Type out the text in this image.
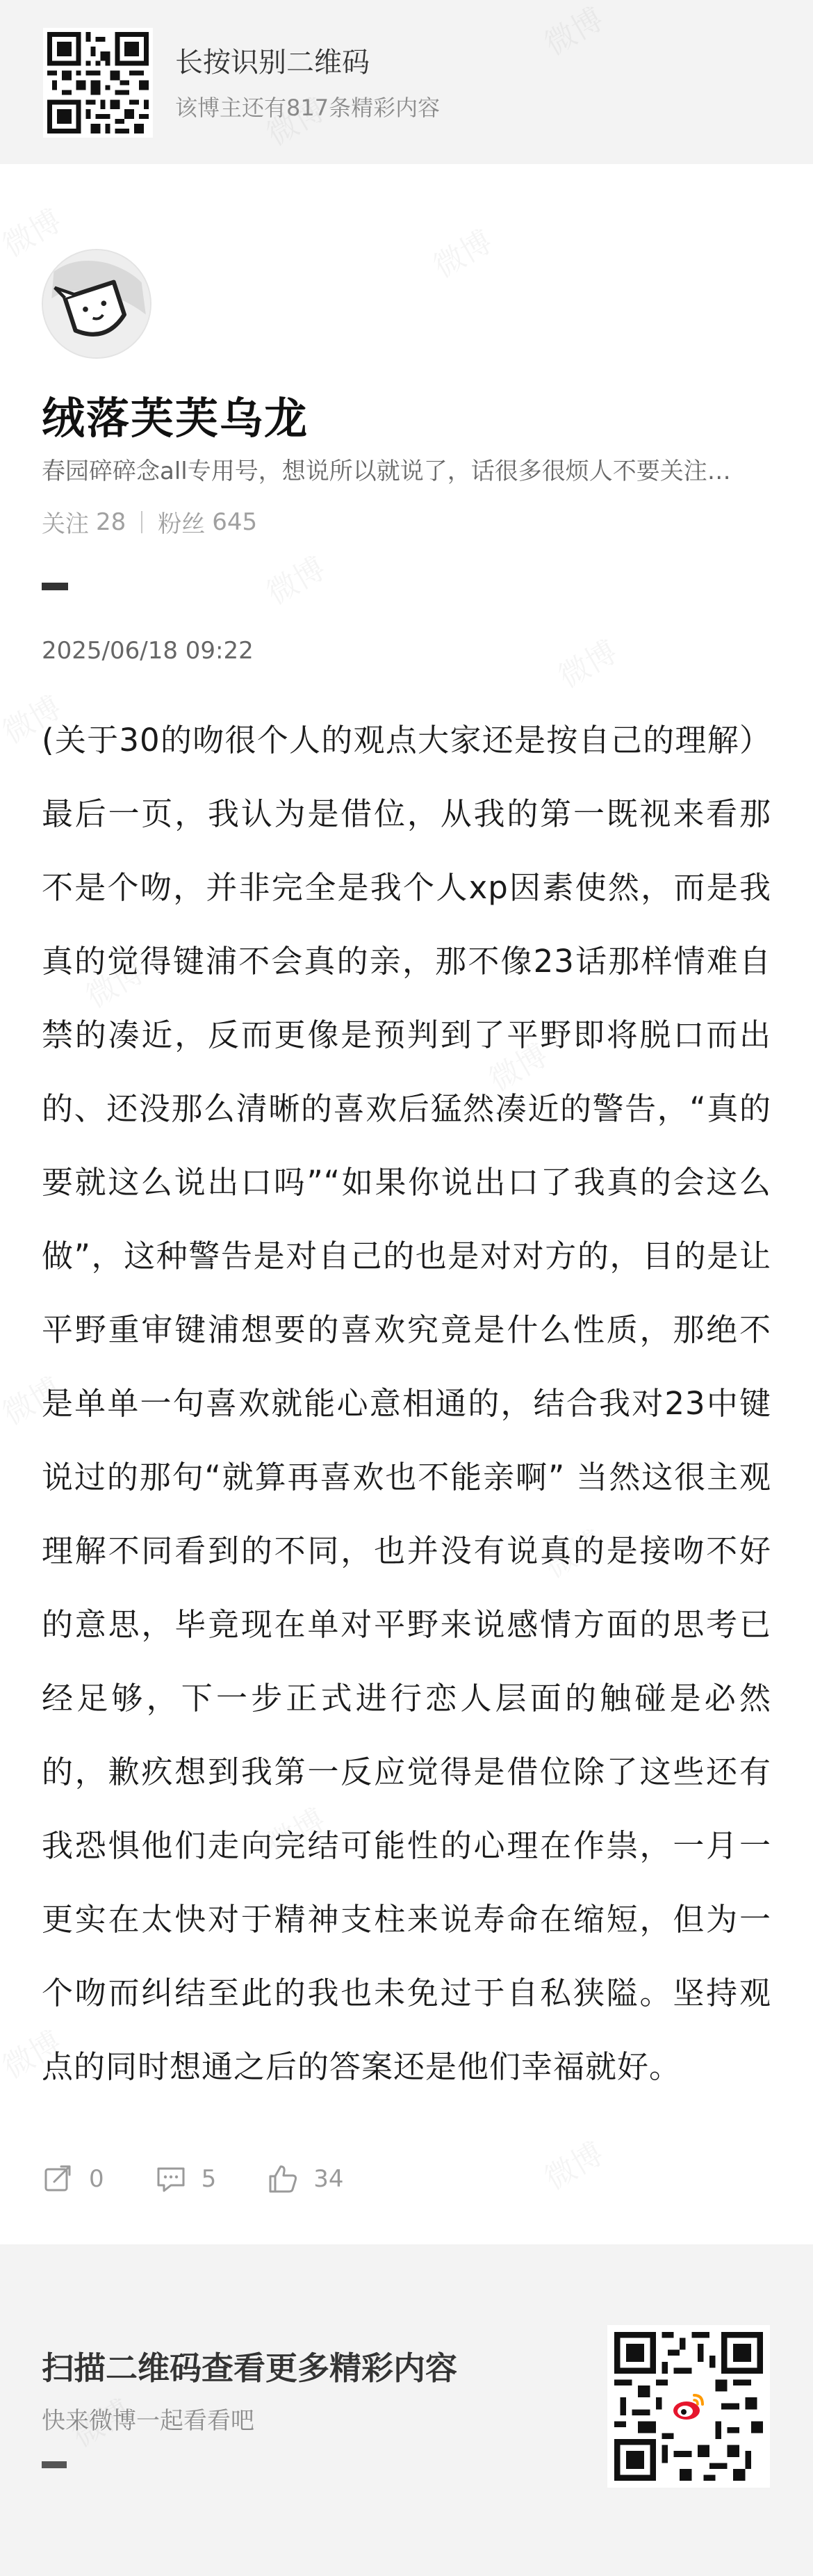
长按识别二维码
该博主还有817条精彩内容
绒落芙芙乌龙
春园碎碎念all专用号，想说所以就说了，话很多很烦人不要关注…
关注 28 粉丝 645
2025/06/18 09:22
(关于30的吻很个人的观点大家还是按自己的理解）最后一页，我认为是借位，从我的第一既视来看那不是个吻，并非完全是我个人xp因素使然，而是我真的觉得键浦不会真的亲，那不像23话那样情难自禁的凑近，反而更像是预判到了平野即将脱口而出的、还没那么清晰的喜欢后猛然凑近的警告，“真的要就这么说出口吗”“如果你说出口了我真的会这么做”，这种警告是对自己的也是对对方的，目的是让平野重审键浦想要的喜欢究竟是什么性质，那绝不是单单一句喜欢就能心意相通的，结合我对23中键说过的那句“就算再喜欢也不能亲啊” 当然这很主观 理解不同看到的不同，也并没有说真的是接吻不好的意思，毕竟现在单对平野来说感情方面的思考已经足够，下一步正式进行恋人层面的触碰是必然的，歉疚想到我第一反应觉得是借位除了这些还有我恐惧他们走向完结可能性的心理在作祟，一月一更实在太快对于精神支柱来说寿命在缩短，但为一个吻而纠结至此的我也未免过于自私狭隘。坚持观点的同时想通之后的答案还是他们幸福就好。
0	5	34
扫描二维码查看更多精彩内容
快来微博一起看看吧
